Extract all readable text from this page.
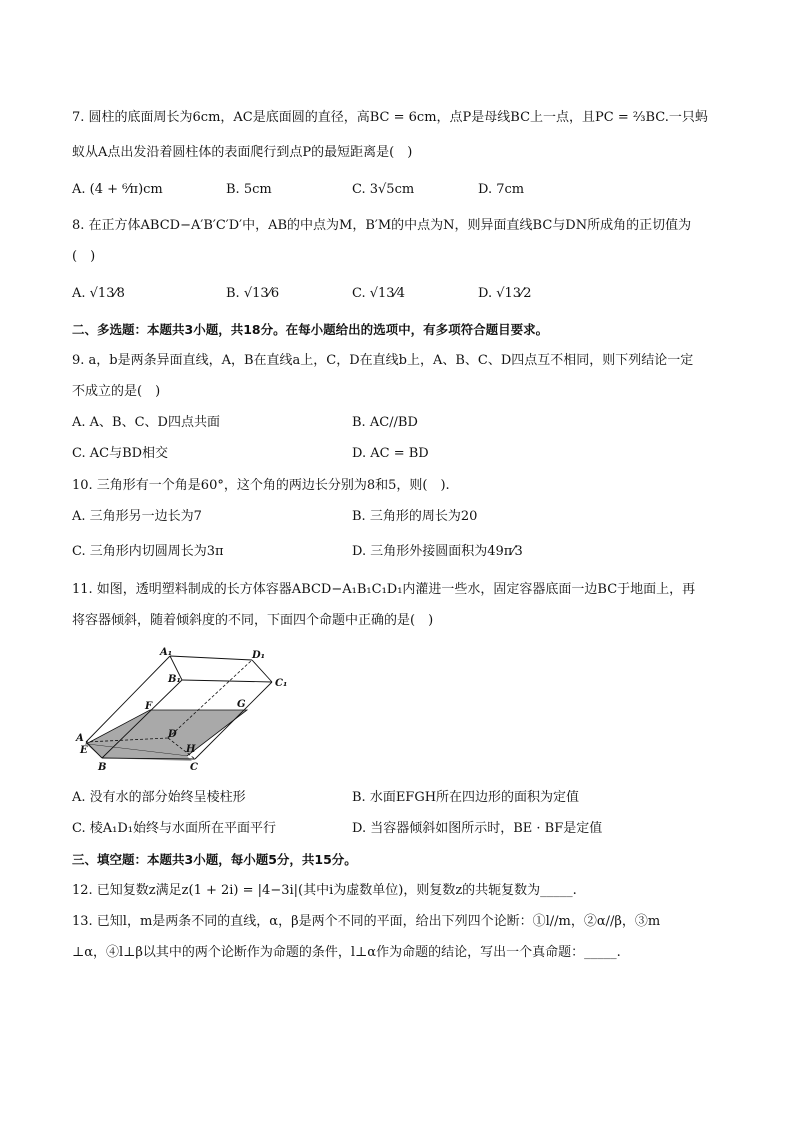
7. 圆柱的底面周长为6cm，AC是底面圆的直径，高BC = 6cm，点P是母线BC上一点，且PC = ²⁄₃BC.一只蚂
蚁从A点出发沿着圆柱体的表面爬行到点P的最短距离是(　)
A. (4 + ⁶⁄π)cm	B. 5cm	C. 3√5cm	D. 7cm
8. 在正方体ABCD−A′B′C′D′中，AB的中点为M，B′M的中点为N，则异面直线BC与DN所成角的正切值为
(　)
A. √13⁄8	B. √13⁄6	C. √13⁄4	D. √13⁄2
二、多选题：本题共3小题，共18分。在每小题给出的选项中，有多项符合题目要求。
9. a，b是两条异面直线，A，B在直线a上，C，D在直线b上，A、B、C、D四点互不相同，则下列结论一定
不成立的是(　)
A. A、B、C、D四点共面	B. AC//BD
C. AC与BD相交	D. AC = BD
10. 三角形有一个角是60°，这个角的两边长分别为8和5，则(　).
A. 三角形另一边长为7	B. 三角形的周长为20
C. 三角形内切圆周长为3π	D. 三角形外接圆面积为49π⁄3
11. 如图，透明塑料制成的长方体容器ABCD−A₁B₁C₁D₁内灌进一些水，固定容器底面一边BC于地面上，再
将容器倾斜，随着倾斜度的不同，下面四个命题中正确的是(　)
A₁	D₁
B₁	C₁
F	G
A	D
E	H
B	C
A. 没有水的部分始终呈棱柱形	B. 水面EFGH所在四边形的面积为定值
C. 棱A₁D₁始终与水面所在平面平行	D. 当容器倾斜如图所示时，BE · BF是定值
三、填空题：本题共3小题，每小题5分，共15分。
12. 已知复数z满足z(1 + 2i) = |4−3i|(其中i为虚数单位)，则复数z的共轭复数为_____.
13. 已知l，m是两条不同的直线，α，β是两个不同的平面，给出下列四个论断：①l//m，②α//β，③m
⊥α，④l⊥β以其中的两个论断作为命题的条件，l⊥α作为命题的结论，写出一个真命题：_____.
